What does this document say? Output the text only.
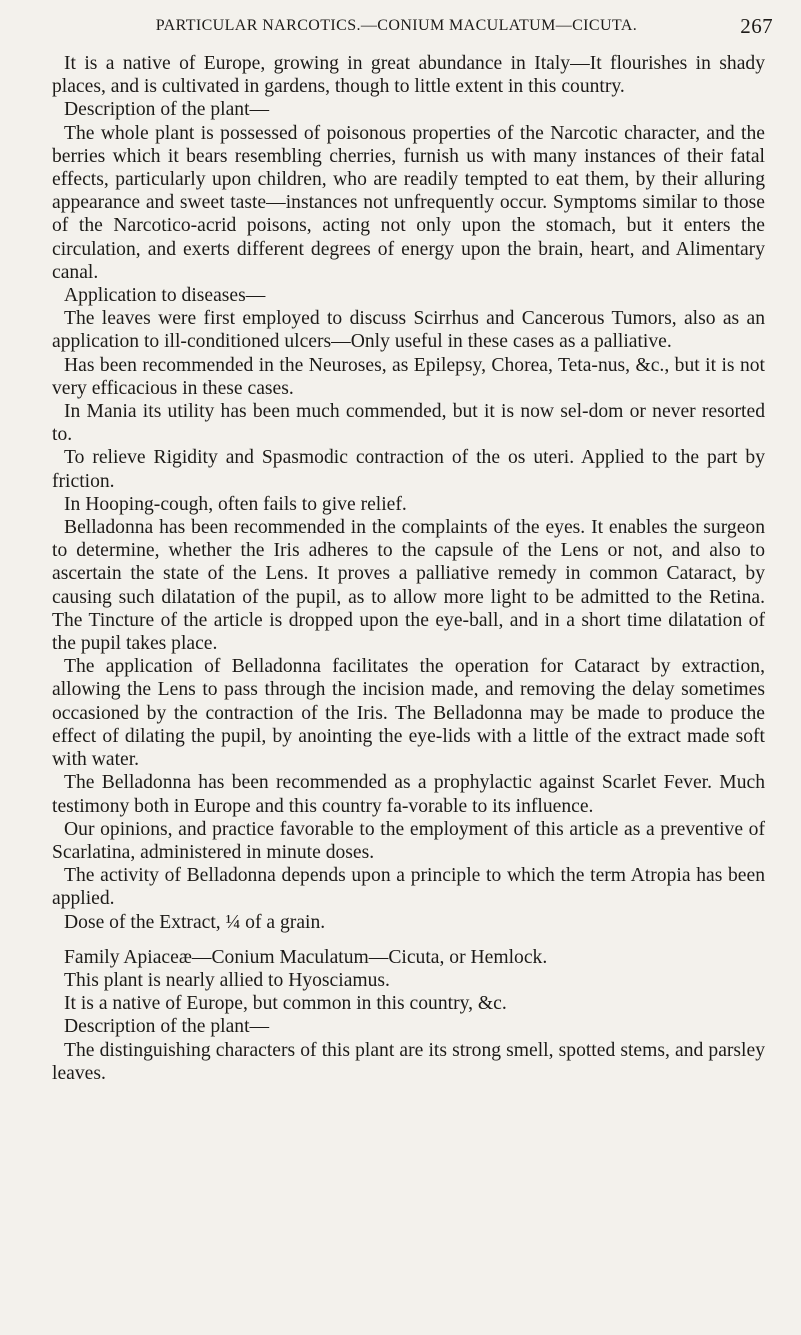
PARTICULAR NARCOTICS.—CONIUM MACULATUM—CICUTA.	267

It is a native of Europe, growing in great abundance in Italy—It flourishes in shady places, and is cultivated in gardens, though to little extent in this country.

Description of the plant—

The whole plant is possessed of poisonous properties of the Narcotic character, and the berries which it bears resembling cherries, furnish us with many instances of their fatal effects, particularly upon children, who are readily tempted to eat them, by their alluring appearance and sweet taste—instances not unfrequently occur. Symptoms similar to those of the Narcotico-acrid poisons, acting not only upon the stomach, but it enters the circulation, and exerts different degrees of energy upon the brain, heart, and Alimentary canal.

Application to diseases—

The leaves were first employed to discuss Scirrhus and Cancerous Tumors, also as an application to ill-conditioned ulcers—Only useful in these cases as a palliative.

Has been recommended in the Neuroses, as Epilepsy, Chorea, Teta-nus, &c., but it is not very efficacious in these cases.

In Mania its utility has been much commended, but it is now sel-dom or never resorted to.

To relieve Rigidity and Spasmodic contraction of the os uteri. Applied to the part by friction.

In Hooping-cough, often fails to give relief.

Belladonna has been recommended in the complaints of the eyes. It enables the surgeon to determine, whether the Iris adheres to the capsule of the Lens or not, and also to ascertain the state of the Lens. It proves a palliative remedy in common Cataract, by causing such dilatation of the pupil, as to allow more light to be admitted to the Retina. The Tincture of the article is dropped upon the eye-ball, and in a short time dilatation of the pupil takes place.

The application of Belladonna facilitates the operation for Cataract by extraction, allowing the Lens to pass through the incision made, and removing the delay sometimes occasioned by the contraction of the Iris. The Belladonna may be made to produce the effect of dilating the pupil, by anointing the eye-lids with a little of the extract made soft with water.

The Belladonna has been recommended as a prophylactic against Scarlet Fever. Much testimony both in Europe and this country fa-vorable to its influence.

Our opinions, and practice favorable to the employment of this article as a preventive of Scarlatina, administered in minute doses.

The activity of Belladonna depends upon a principle to which the term Atropia has been applied.

Dose of the Extract, ¼ of a grain.

Family Apiaceæ—Conium Maculatum—Cicuta, or Hemlock.

This plant is nearly allied to Hyosciamus.

It is a native of Europe, but common in this country, &c.

Description of the plant—

The distinguishing characters of this plant are its strong smell, spotted stems, and parsley leaves.
